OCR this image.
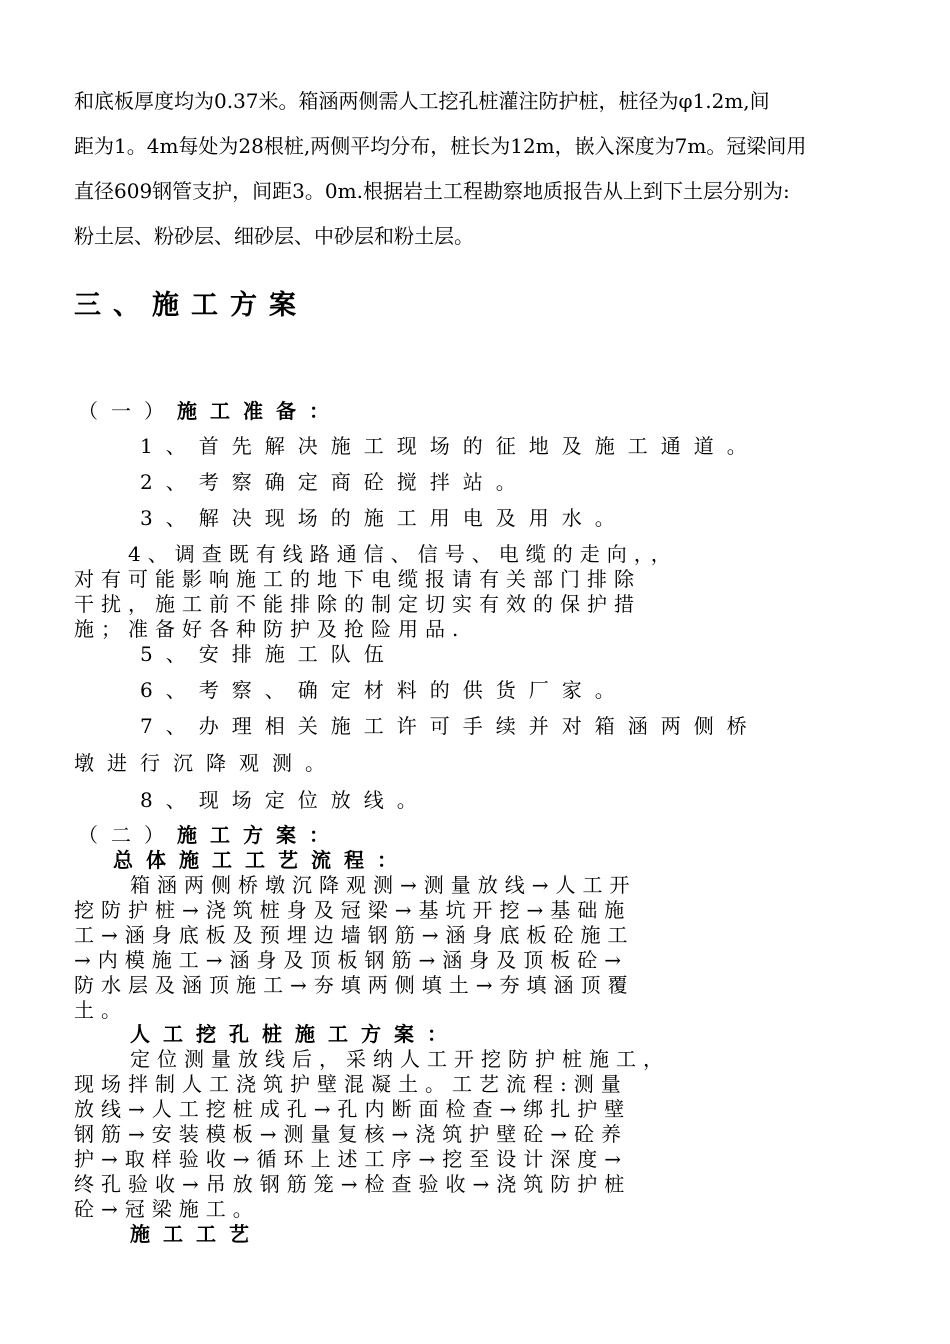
和底板厚度均为0.37米。箱涵两侧需人工挖孔桩灌注防护桩，桩径为φ1.2m,间
距为1。4m每处为28根桩,两侧平均分布，桩长为12m，嵌入深度为7m。冠梁间用
直径609钢管支护，间距3。0m.根据岩土工程勘察地质报告从上到下土层分别为:
粉土层、粉砂层、细砂层、中砂层和粉土层。
三、施工方案
（一）施工准备：
1、首先解决施工现场的征地及施工通道。
2、考察确定商砼搅拌站。
3、解决现场的施工用电及用水。
4、调查既有线路通信、信号、电缆的走向，，
对有可能影响施工的地下电缆报请有关部门排除
干扰，施工前不能排除的制定切实有效的保护措
施；准备好各种防护及抢险用品.
5、安排施工队伍
6、考察、确定材料的供货厂家。
7、办理相关施工许可手续并对箱涵两侧桥
墩进行沉降观测。
8、现场定位放线。
（二）施工方案：
总体施工工艺流程：
箱涵两侧桥墩沉降观测→测量放线→人工开
挖防护桩→浇筑桩身及冠梁→基坑开挖→基础施
工→涵身底板及预埋边墙钢筋→涵身底板砼施工
→内模施工→涵身及顶板钢筋→涵身及顶板砼→
防水层及涵顶施工→夯填两侧填土→夯填涵顶覆
土。
人工挖孔桩施工方案：
定位测量放线后，采纳人工开挖防护桩施工，
现场拌制人工浇筑护壁混凝土。工艺流程:测量
放线→人工挖桩成孔→孔内断面检查→绑扎护壁
钢筋→安装模板→测量复核→浇筑护壁砼→砼养
护→取样验收→循环上述工序→挖至设计深度→
终孔验收→吊放钢筋笼→检查验收→浇筑防护桩
砼→冠梁施工。
施工工艺
